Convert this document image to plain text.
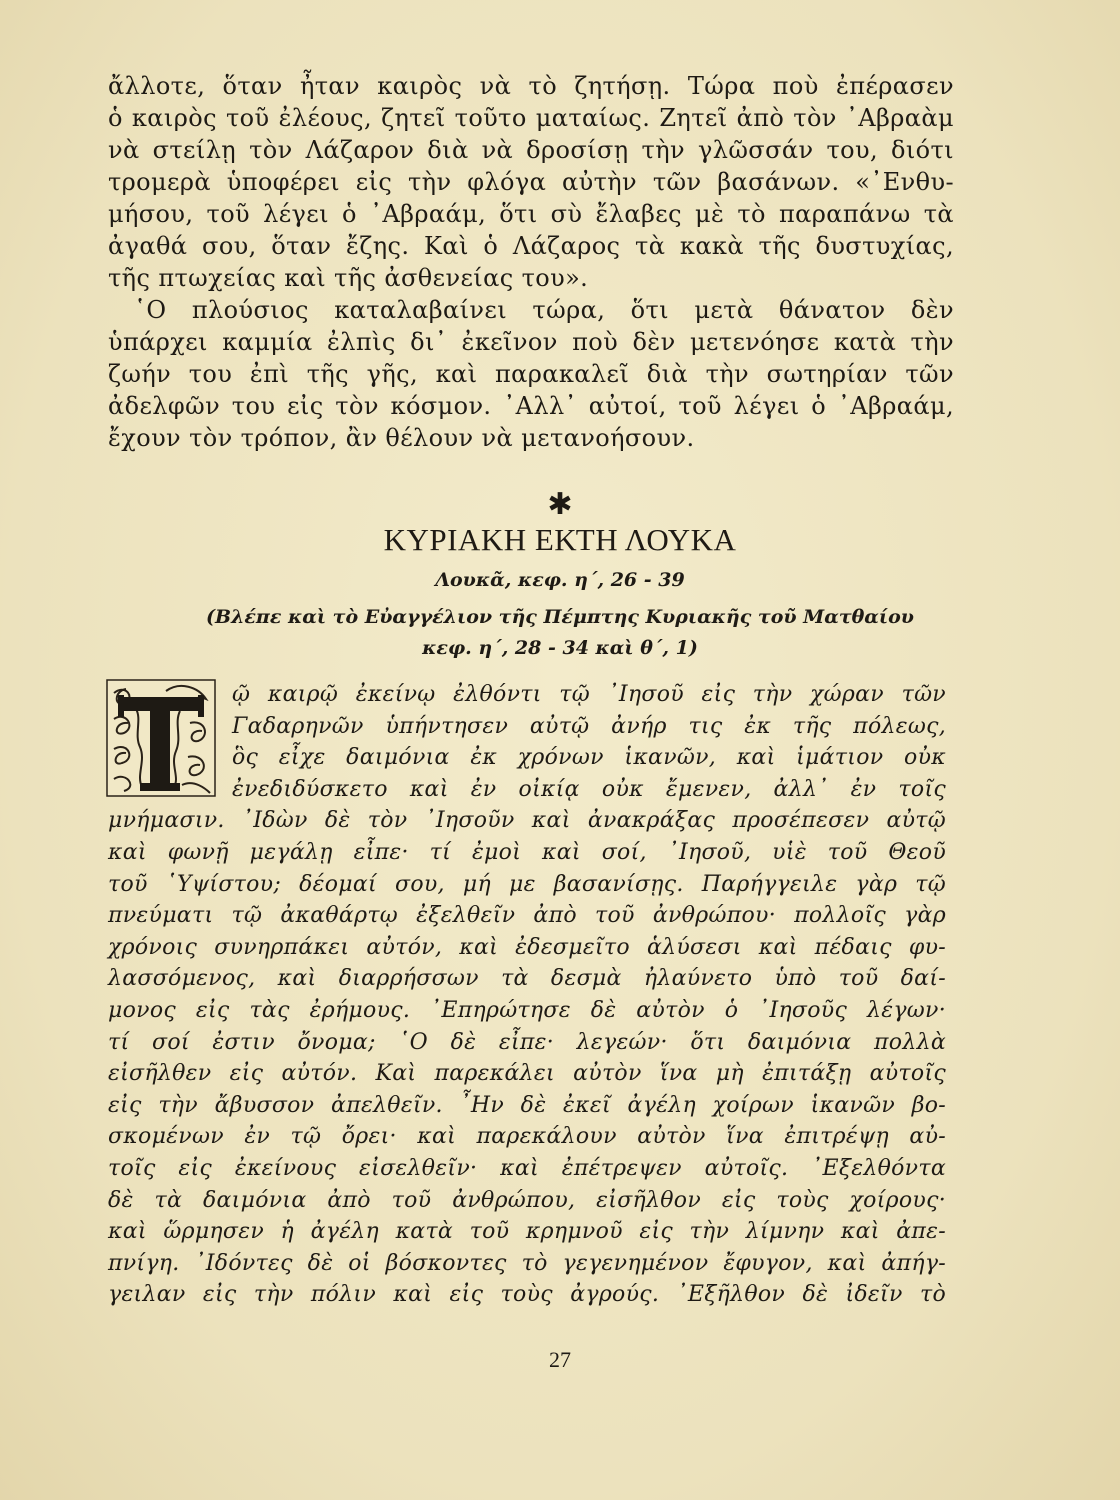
ἄλλοτε, ὅταν ἦταν καιρὸς νὰ τὸ ζητήσῃ. Τώρα ποὺ ἐπέρασεν
ὁ καιρὸς τοῦ ἐλέους, ζητεῖ τοῦτο ματαίως. Ζητεῖ ἀπὸ τὸν ᾿Αβραὰμ
νὰ στείλῃ τὸν Λάζαρον διὰ νὰ δροσίσῃ τὴν γλῶσσάν του, διότι
τρομερὰ ὑποφέρει εἰς τὴν φλόγα αὐτὴν τῶν βασάνων. «᾿Ενθυ-
μήσου, τοῦ λέγει ὁ ᾿Αβραάμ, ὅτι σὺ ἔλαβες μὲ τὸ παραπάνω τὰ
ἀγαθά σου, ὅταν ἔζης. Καὶ ὁ Λάζαρος τὰ κακὰ τῆς δυστυχίας,
τῆς πτωχείας καὶ τῆς ἀσθενείας του».
῾Ο πλούσιος καταλαβαίνει τώρα, ὅτι μετὰ θάνατον δὲν
ὑπάρχει καμμία ἐλπὶς δι᾿ ἐκεῖνον ποὺ δὲν μετενόησε κατὰ τὴν
ζωήν του ἐπὶ τῆς γῆς, καὶ παρακαλεῖ διὰ τὴν σωτηρίαν τῶν
ἀδελφῶν του εἰς τὸν κόσμον. ᾿Αλλ᾿ αὐτοί, τοῦ λέγει ὁ ᾿Αβραάμ,
ἔχουν τὸν τρόπον, ἂν θέλουν νὰ μετανοήσουν.
✱
ΚΥΡΙΑΚΗ ΕΚΤΗ ΛΟΥΚΑ
Λουκᾶ, κεφ. η΄, 26 - 39
(Βλέπε καὶ τὸ Εὐαγγέλιον τῆς Πέμπτης Κυριακῆς τοῦ Ματθαίου
κεφ. η΄, 28 - 34 καὶ θ΄, 1)
ῷ καιρῷ ἐκείνῳ ἐλθόντι τῷ ᾿Ιησοῦ εἰς τὴν χώραν τῶν
Γαδαρηνῶν ὑπήντησεν αὐτῷ ἀνήρ τις ἐκ τῆς πόλεως,
ὃς εἶχε δαιμόνια ἐκ χρόνων ἱκανῶν, καὶ ἱμάτιον οὐκ
ἐνεδιδύσκετο καὶ ἐν οἰκίᾳ οὐκ ἔμενεν, ἀλλ᾿ ἐν τοῖς
μνήμασιν. ᾿Ιδὼν δὲ τὸν ᾿Ιησοῦν καὶ ἀνακράξας προσέπεσεν αὐτῷ
καὶ φωνῇ μεγάλῃ εἶπε· τί ἐμοὶ καὶ σοί, ᾿Ιησοῦ, υἱὲ τοῦ Θεοῦ
τοῦ ῾Υψίστου; δέομαί σου, μή με βασανίσῃς. Παρήγγειλε γὰρ τῷ
πνεύματι τῷ ἀκαθάρτῳ ἐξελθεῖν ἀπὸ τοῦ ἀνθρώπου· πολλοῖς γὰρ
χρόνοις συνηρπάκει αὐτόν, καὶ ἐδεσμεῖτο ἁλύσεσι καὶ πέδαις φυ-
λασσόμενος, καὶ διαρρήσσων τὰ δεσμὰ ἠλαύνετο ὑπὸ τοῦ δαί-
μονος εἰς τὰς ἐρήμους. ᾿Επηρώτησε δὲ αὐτὸν ὁ ᾿Ιησοῦς λέγων·
τί σοί ἐστιν ὄνομα; ῾Ο δὲ εἶπε· λεγεών· ὅτι δαιμόνια πολλὰ
εἰσῆλθεν εἰς αὐτόν. Καὶ παρεκάλει αὐτὸν ἵνα μὴ ἐπιτάξῃ αὐτοῖς
εἰς τὴν ἄβυσσον ἀπελθεῖν. ῏Ην δὲ ἐκεῖ ἀγέλη χοίρων ἱκανῶν βο-
σκομένων ἐν τῷ ὄρει· καὶ παρεκάλουν αὐτὸν ἵνα ἐπιτρέψῃ αὐ-
τοῖς εἰς ἐκείνους εἰσελθεῖν· καὶ ἐπέτρεψεν αὐτοῖς. ᾿Εξελθόντα
δὲ τὰ δαιμόνια ἀπὸ τοῦ ἀνθρώπου, εἰσῆλθον εἰς τοὺς χοίρους·
καὶ ὥρμησεν ἡ ἀγέλη κατὰ τοῦ κρημνοῦ εἰς τὴν λίμνην καὶ ἀπε-
πνίγη. ᾿Ιδόντες δὲ οἱ βόσκοντες τὸ γεγενημένον ἔφυγον, καὶ ἀπήγ-
γειλαν εἰς τὴν πόλιν καὶ εἰς τοὺς ἀγρούς. ᾿Εξῆλθον δὲ ἰδεῖν τὸ
27
